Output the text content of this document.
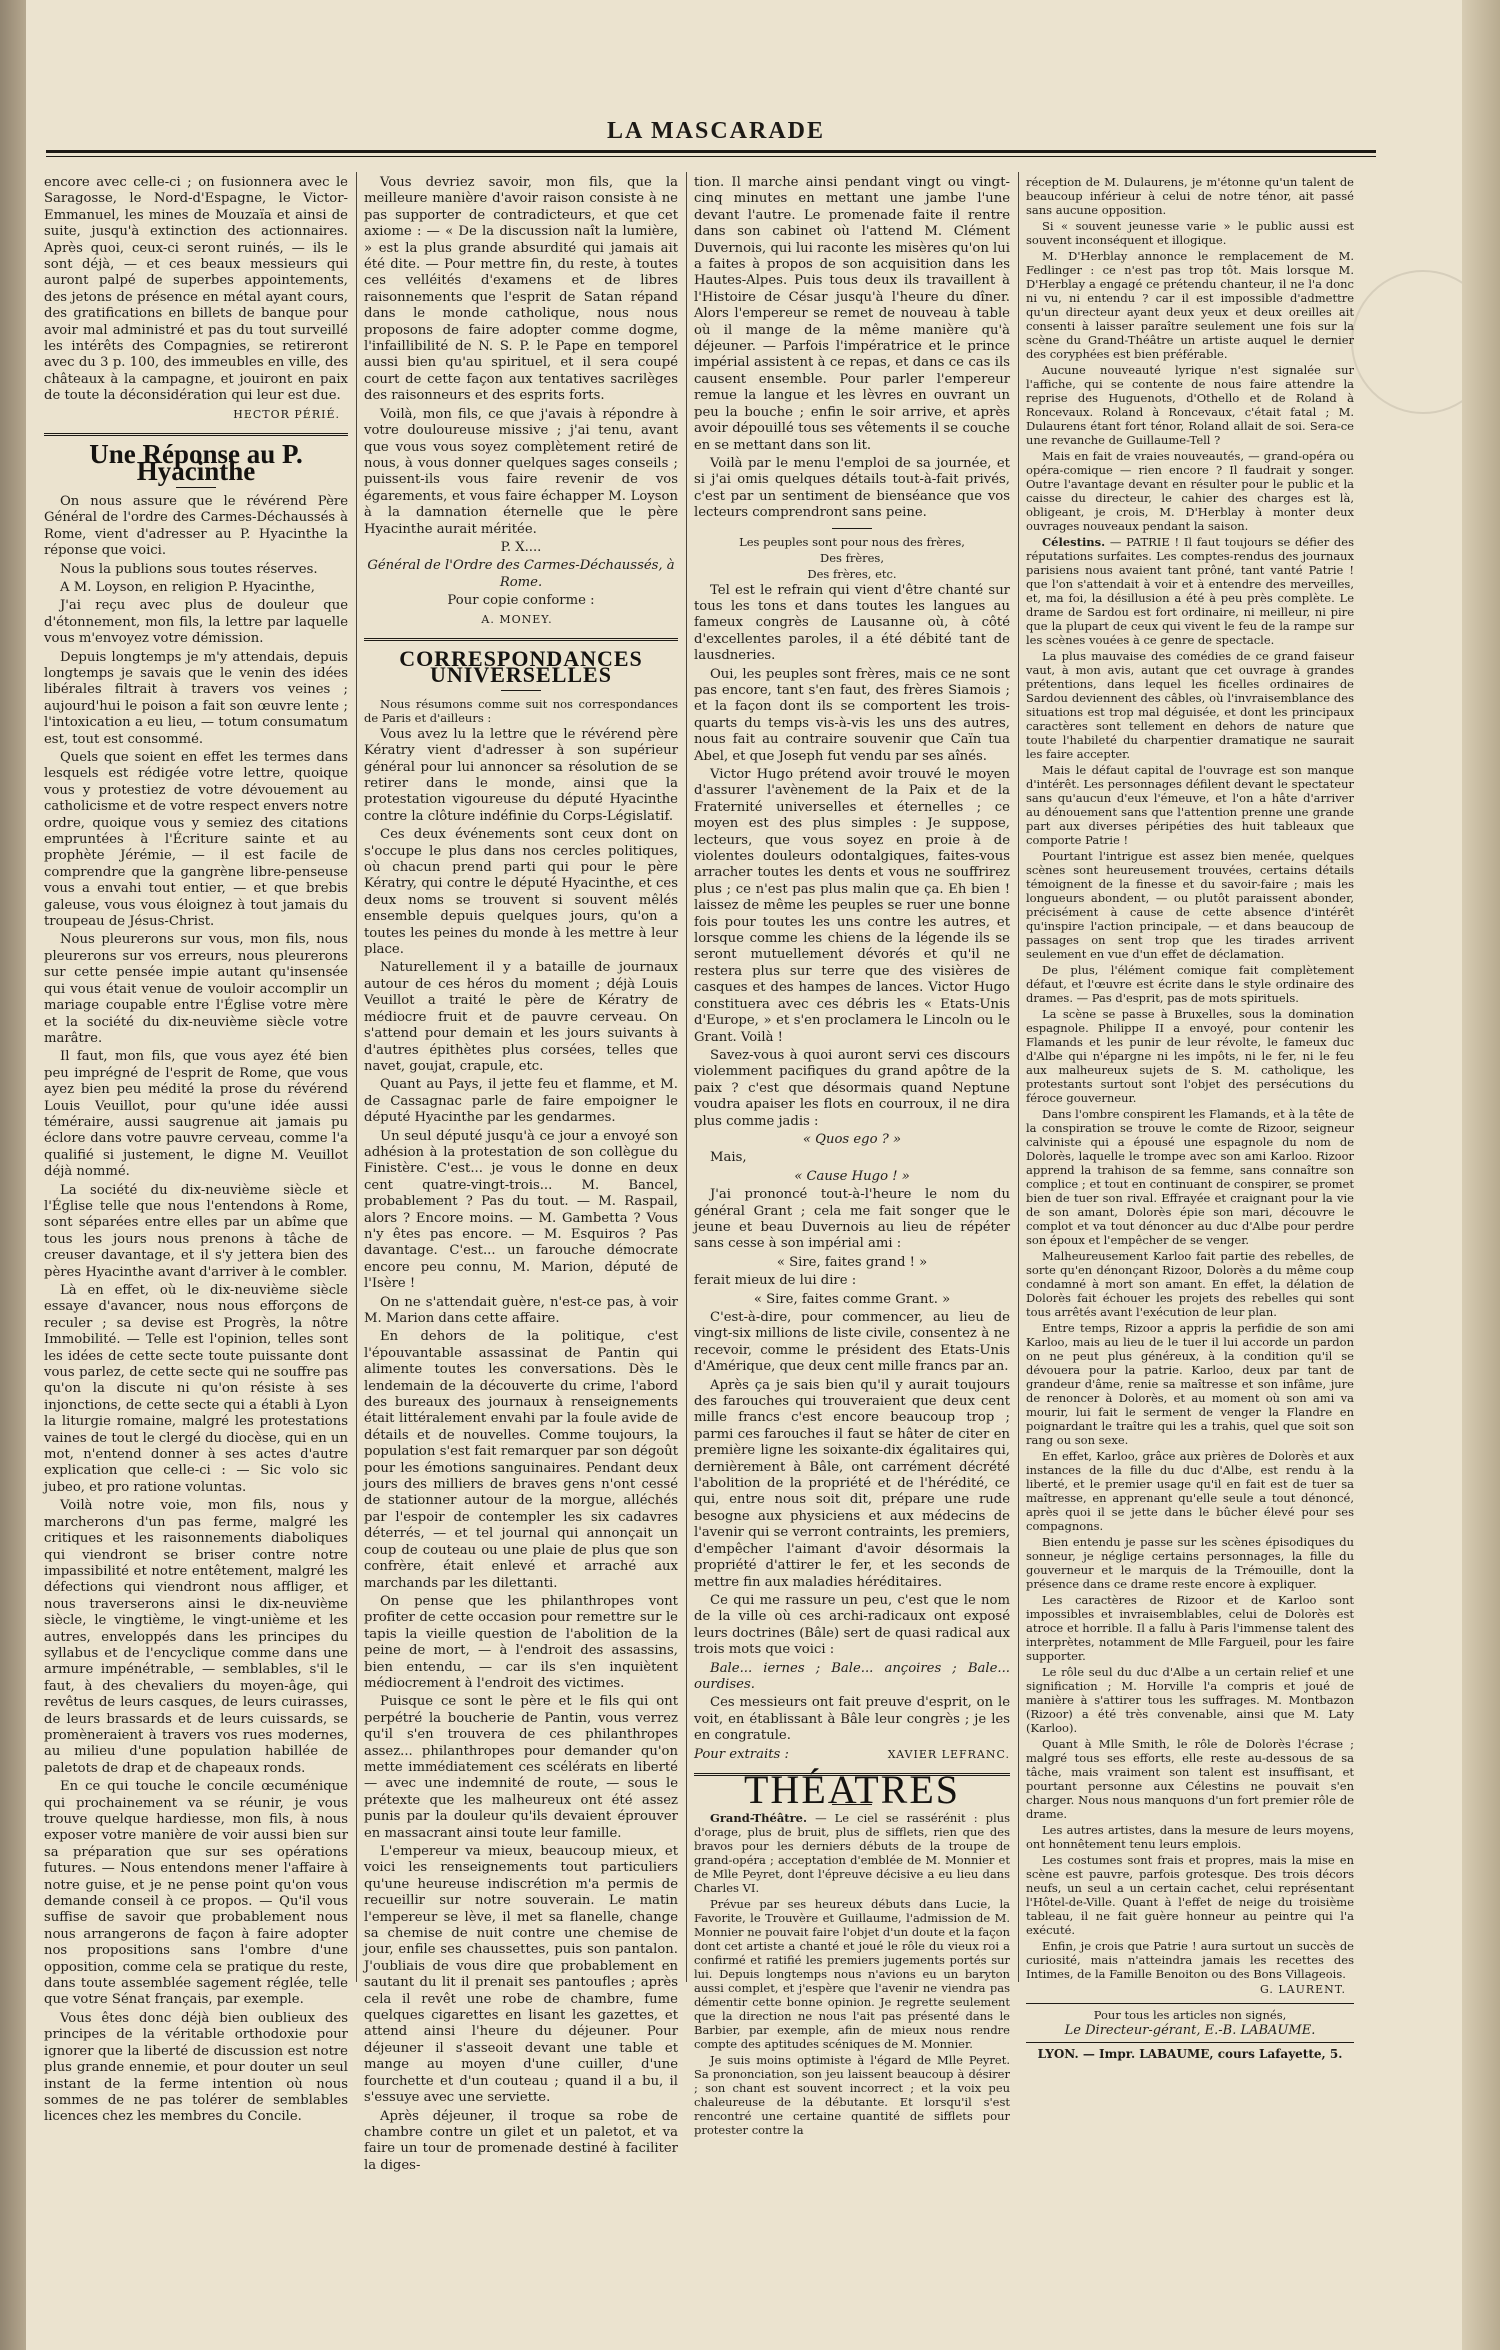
LA MASCARADE

encore avec celle-ci ; on fusionnera avec le Saragosse, le Nord-d'Espagne, le Victor-Emmanuel, les mines de Mouzaïa et ainsi de suite, jusqu'à extinction des actionnaires. Après quoi, ceux-ci seront ruinés, — ils le sont déjà, — et ces beaux messieurs qui auront palpé de superbes appointements, des jetons de présence en métal ayant cours, des gratifications en billets de banque pour avoir mal administré et pas du tout surveillé les intérêts des Compagnies, se retireront avec du 3 p. 100, des immeubles en ville, des châteaux à la campagne, et jouiront en paix de toute la déconsidération qui leur est due.

HECTOR PÉRIÉ.
Une Réponse au P. Hyacinthe

On nous assure que le révérend Père Général de l'ordre des Carmes-Déchaussés à Rome, vient d'adresser au P. Hyacinthe la réponse que voici.

Nous la publions sous toutes réserves.

A M. Loyson, en religion P. Hyacinthe,

J'ai reçu avec plus de douleur que d'étonnement, mon fils, la lettre par laquelle vous m'envoyez votre démission.

Depuis longtemps je m'y attendais, depuis longtemps je savais que le venin des idées libérales filtrait à travers vos veines ; aujourd'hui le poison a fait son œuvre lente ; l'intoxication a eu lieu, — totum consumatum est, tout est consommé.

Quels que soient en effet les termes dans lesquels est rédigée votre lettre, quoique vous y protestiez de votre dévouement au catholicisme et de votre respect envers notre ordre, quoique vous y semiez des citations empruntées à l'Écriture sainte et au prophète Jérémie, — il est facile de comprendre que la gangrène libre-penseuse vous a envahi tout entier, — et que brebis galeuse, vous vous éloignez à tout jamais du troupeau de Jésus-Christ.

Nous pleurerons sur vous, mon fils, nous pleurerons sur vos erreurs, nous pleurerons sur cette pensée impie autant qu'insensée qui vous était venue de vouloir accomplir un mariage coupable entre l'Église votre mère et la société du dix-neuvième siècle votre marâtre.

Il faut, mon fils, que vous ayez été bien peu imprégné de l'esprit de Rome, que vous ayez bien peu médité la prose du révérend Louis Veuillot, pour qu'une idée aussi téméraire, aussi saugrenue ait jamais pu éclore dans votre pauvre cerveau, comme l'a qualifié si justement, le digne M. Veuillot déjà nommé.

La société du dix-neuvième siècle et l'Église telle que nous l'entendons à Rome, sont séparées entre elles par un abîme que tous les jours nous prenons à tâche de creuser davantage, et il s'y jettera bien des pères Hyacinthe avant d'arriver à le combler.

Là en effet, où le dix-neuvième siècle essaye d'avancer, nous nous efforçons de reculer ; sa devise est Progrès, la nôtre Immobilité. — Telle est l'opinion, telles sont les idées de cette secte toute puissante dont vous parlez, de cette secte qui ne souffre pas qu'on la discute ni qu'on résiste à ses injonctions, de cette secte qui a établi à Lyon la liturgie romaine, malgré les protestations vaines de tout le clergé du diocèse, qui en un mot, n'entend donner à ses actes d'autre explication que celle-ci : — Sic volo sic jubeo, et pro ratione voluntas.

Voilà notre voie, mon fils, nous y marcherons d'un pas ferme, malgré les critiques et les raisonnements diaboliques qui viendront se briser contre notre impassibilité et notre entêtement, malgré les défections qui viendront nous affliger, et nous traverserons ainsi le dix-neuvième siècle, le vingtième, le vingt-unième et les autres, enveloppés dans les principes du syllabus et de l'encyclique comme dans une armure impénétrable, — semblables, s'il le faut, à des chevaliers du moyen-âge, qui revêtus de leurs casques, de leurs cuirasses, de leurs brassards et de leurs cuissards, se promèneraient à travers vos rues modernes, au milieu d'une population habillée de paletots de drap et de chapeaux ronds.

En ce qui touche le concile œcuménique qui prochainement va se réunir, je vous trouve quelque hardiesse, mon fils, à nous exposer votre manière de voir aussi bien sur sa préparation que sur ses opérations futures. — Nous entendons mener l'affaire à notre guise, et je ne pense point qu'on vous demande conseil à ce propos. — Qu'il vous suffise de savoir que probablement nous nous arrangerons de façon à faire adopter nos propositions sans l'ombre d'une opposition, comme cela se pratique du reste, dans toute assemblée sagement réglée, telle que votre Sénat français, par exemple.

Vous êtes donc déjà bien oublieux des principes de la véritable orthodoxie pour ignorer que la liberté de discussion est notre plus grande ennemie, et pour douter un seul instant de la ferme intention où nous sommes de ne pas tolérer de semblables licences chez les membres du Concile.

Vous devriez savoir, mon fils, que la meilleure manière d'avoir raison consiste à ne pas supporter de contradicteurs, et que cet axiome : — « De la discussion naît la lumière, » est la plus grande absurdité qui jamais ait été dite. — Pour mettre fin, du reste, à toutes ces velléités d'examens et de libres raisonnements que l'esprit de Satan répand dans le monde catholique, nous nous proposons de faire adopter comme dogme, l'infaillibilité de N. S. P. le Pape en temporel aussi bien qu'au spirituel, et il sera coupé court de cette façon aux tentatives sacrilèges des raisonneurs et des esprits forts.

Voilà, mon fils, ce que j'avais à répondre à votre douloureuse missive ; j'ai tenu, avant que vous vous soyez complètement retiré de nous, à vous donner quelques sages conseils ; puissent-ils vous faire revenir de vos égarements, et vous faire échapper M. Loyson à la damnation éternelle que le père Hyacinthe aurait méritée.

P. X....

Général de l'Ordre des Carmes-Déchaussés, à Rome.

Pour copie conforme :

A. MONEY.
CORRESPONDANCES UNIVERSELLES

Nous résumons comme suit nos correspondances de Paris et d'ailleurs :

Vous avez lu la lettre que le révérend père Kératry vient d'adresser à son supérieur général pour lui annoncer sa résolution de se retirer dans le monde, ainsi que la protestation vigoureuse du député Hyacinthe contre la clôture indéfinie du Corps-Législatif.

Ces deux événements sont ceux dont on s'occupe le plus dans nos cercles politiques, où chacun prend parti qui pour le père Kératry, qui contre le député Hyacinthe, et ces deux noms se trouvent si souvent mêlés ensemble depuis quelques jours, qu'on a toutes les peines du monde à les mettre à leur place.

Naturellement il y a bataille de journaux autour de ces héros du moment ; déjà Louis Veuillot a traité le père de Kératry de médiocre fruit et de pauvre cerveau. On s'attend pour demain et les jours suivants à d'autres épithètes plus corsées, telles que navet, goujat, crapule, etc.

Quant au Pays, il jette feu et flamme, et M. de Cassagnac parle de faire empoigner le député Hyacinthe par les gendarmes.

Un seul député jusqu'à ce jour a envoyé son adhésion à la protestation de son collègue du Finistère. C'est... je vous le donne en deux cent quatre-vingt-trois... M. Bancel, probablement ? Pas du tout. — M. Raspail, alors ? Encore moins. — M. Gambetta ? Vous n'y êtes pas encore. — M. Esquiros ? Pas davantage. C'est... un farouche démocrate encore peu connu, M. Marion, député de l'Isère !

On ne s'attendait guère, n'est-ce pas, à voir M. Marion dans cette affaire.

En dehors de la politique, c'est l'épouvantable assassinat de Pantin qui alimente toutes les conversations. Dès le lendemain de la découverte du crime, l'abord des bureaux des journaux à renseignements était littéralement envahi par la foule avide de détails et de nouvelles. Comme toujours, la population s'est fait remarquer par son dégoût pour les émotions sanguinaires. Pendant deux jours des milliers de braves gens n'ont cessé de stationner autour de la morgue, alléchés par l'espoir de contempler les six cadavres déterrés, — et tel journal qui annonçait un coup de couteau ou une plaie de plus que son confrère, était enlevé et arraché aux marchands par les dilettanti.

On pense que les philanthropes vont profiter de cette occasion pour remettre sur le tapis la vieille question de l'abolition de la peine de mort, — à l'endroit des assassins, bien entendu, — car ils s'en inquiètent médiocrement à l'endroit des victimes.

Puisque ce sont le père et le fils qui ont perpétré la boucherie de Pantin, vous verrez qu'il s'en trouvera de ces philanthropes assez... philanthropes pour demander qu'on mette immédiatement ces scélérats en liberté — avec une indemnité de route, — sous le prétexte que les malheureux ont été assez punis par la douleur qu'ils devaient éprouver en massacrant ainsi toute leur famille.

L'empereur va mieux, beaucoup mieux, et voici les renseignements tout particuliers qu'une heureuse indiscrétion m'a permis de recueillir sur notre souverain. Le matin l'empereur se lève, il met sa flanelle, change sa chemise de nuit contre une chemise de jour, enfile ses chaussettes, puis son pantalon. J'oubliais de vous dire que probablement en sautant du lit il prenait ses pantoufles ; après cela il revêt une robe de chambre, fume quelques cigarettes en lisant les gazettes, et attend ainsi l'heure du déjeuner. Pour déjeuner il s'asseoit devant une table et mange au moyen d'une cuiller, d'une fourchette et d'un couteau ; quand il a bu, il s'essuye avec une serviette.

Après déjeuner, il troque sa robe de chambre contre un gilet et un paletot, et va faire un tour de promenade destiné à faciliter la diges-

tion. Il marche ainsi pendant vingt ou vingt-cinq minutes en mettant une jambe l'une devant l'autre. Le promenade faite il rentre dans son cabinet où l'attend M. Clément Duvernois, qui lui raconte les misères qu'on lui a faites à propos de son acquisition dans les Hautes-Alpes. Puis tous deux ils travaillent à l'Histoire de César jusqu'à l'heure du dîner. Alors l'empereur se remet de nouveau à table où il mange de la même manière qu'à déjeuner. — Parfois l'impératrice et le prince impérial assistent à ce repas, et dans ce cas ils causent ensemble. Pour parler l'empereur remue la langue et les lèvres en ouvrant un peu la bouche ; enfin le soir arrive, et après avoir dépouillé tous ses vêtements il se couche en se mettant dans son lit.

Voilà par le menu l'emploi de sa journée, et si j'ai omis quelques détails tout-à-fait privés, c'est par un sentiment de bienséance que vos lecteurs comprendront sans peine.

Les peuples sont pour nous des frères,

Des frères,

Des frères, etc.

Tel est le refrain qui vient d'être chanté sur tous les tons et dans toutes les langues au fameux congrès de Lausanne où, à côté d'excellentes paroles, il a été débité tant de lausdneries.

Oui, les peuples sont frères, mais ce ne sont pas encore, tant s'en faut, des frères Siamois ; et la façon dont ils se comportent les trois-quarts du temps vis-à-vis les uns des autres, nous fait au contraire souvenir que Caïn tua Abel, et que Joseph fut vendu par ses aînés.

Victor Hugo prétend avoir trouvé le moyen d'assurer l'avènement de la Paix et de la Fraternité universelles et éternelles ; ce moyen est des plus simples : Je suppose, lecteurs, que vous soyez en proie à de violentes douleurs odontalgiques, faites-vous arracher toutes les dents et vous ne souffrirez plus ; ce n'est pas plus malin que ça. Eh bien ! laissez de même les peuples se ruer une bonne fois pour toutes les uns contre les autres, et lorsque comme les chiens de la légende ils se seront mutuellement dévorés et qu'il ne restera plus sur terre que des visières de casques et des hampes de lances. Victor Hugo constituera avec ces débris les « Etats-Unis d'Europe, » et s'en proclamera le Lincoln ou le Grant. Voilà !

Savez-vous à quoi auront servi ces discours violemment pacifiques du grand apôtre de la paix ? c'est que désormais quand Neptune voudra apaiser les flots en courroux, il ne dira plus comme jadis :

« Quos ego ? »

Mais,

« Cause Hugo ! »

J'ai prononcé tout-à-l'heure le nom du général Grant ; cela me fait songer que le jeune et beau Duvernois au lieu de répéter sans cesse à son impérial ami :

« Sire, faites grand ! »

ferait mieux de lui dire :

« Sire, faites comme Grant. »

C'est-à-dire, pour commencer, au lieu de vingt-six millions de liste civile, consentez à ne recevoir, comme le président des Etats-Unis d'Amérique, que deux cent mille francs par an.

Après ça je sais bien qu'il y aurait toujours des farouches qui trouveraient que deux cent mille francs c'est encore beaucoup trop ; parmi ces farouches il faut se hâter de citer en première ligne les soixante-dix égalitaires qui, dernièrement à Bâle, ont carrément décrété l'abolition de la propriété et de l'hérédité, ce qui, entre nous soit dit, prépare une rude besogne aux physiciens et aux médecins de l'avenir qui se verront contraints, les premiers, d'empêcher l'aimant d'avoir désormais la propriété d'attirer le fer, et les seconds de mettre fin aux maladies héréditaires.

Ce qui me rassure un peu, c'est que le nom de la ville où ces archi-radicaux ont exposé leurs doctrines (Bâle) sert de quasi radical aux trois mots que voici :

Bale... iernes ; Bale... ançoires ; Bale... ourdises.

Ces messieurs ont fait preuve d'esprit, on le voit, en établissant à Bâle leur congrès ; je les en congratule.

Pour extraits :	XAVIER LEFRANC.

THÉATRES

Grand-Théâtre. — Le ciel se rassérénit : plus d'orage, plus de bruit, plus de sifflets, rien que des bravos pour les derniers débuts de la troupe de grand-opéra ; acceptation d'emblée de M. Monnier et de Mlle Peyret, dont l'épreuve décisive a eu lieu dans Charles VI.

Prévue par ses heureux débuts dans Lucie, la Favorite, le Trouvère et Guillaume, l'admission de M. Monnier ne pouvait faire l'objet d'un doute et la façon dont cet artiste a chanté et joué le rôle du vieux roi a confirmé et ratifié les premiers jugements portés sur lui. Depuis longtemps nous n'avions eu un baryton aussi complet, et j'espère que l'avenir ne viendra pas démentir cette bonne opinion. Je regrette seulement que la direction ne nous l'ait pas présenté dans le Barbier, par exemple, afin de mieux nous rendre compte des aptitudes scéniques de M. Monnier.

Je suis moins optimiste à l'égard de Mlle Peyret. Sa prononciation, son jeu laissent beaucoup à désirer ; son chant est souvent incorrect ; et la voix peu chaleureuse de la débutante. Et lorsqu'il s'est rencontré une certaine quantité de sifflets pour protester contre la

réception de M. Dulaurens, je m'étonne qu'un talent de beaucoup inférieur à celui de notre ténor, ait passé sans aucune opposition.

Si « souvent jeunesse varie » le public aussi est souvent inconséquent et illogique.

M. D'Herblay annonce le remplacement de M. Fedlinger : ce n'est pas trop tôt. Mais lorsque M. D'Herblay a engagé ce prétendu chanteur, il ne l'a donc ni vu, ni entendu ? car il est impossible d'admettre qu'un directeur ayant deux yeux et deux oreilles ait consenti à laisser paraître seulement une fois sur la scène du Grand-Théâtre un artiste auquel le dernier des coryphées est bien préférable.

Aucune nouveauté lyrique n'est signalée sur l'affiche, qui se contente de nous faire attendre la reprise des Huguenots, d'Othello et de Roland à Roncevaux. Roland à Roncevaux, c'était fatal ; M. Dulaurens étant fort ténor, Roland allait de soi. Sera-ce une revanche de Guillaume-Tell ?

Mais en fait de vraies nouveautés, — grand-opéra ou opéra-comique — rien encore ? Il faudrait y songer. Outre l'avantage devant en résulter pour le public et la caisse du directeur, le cahier des charges est là, obligeant, je crois, M. D'Herblay à monter deux ouvrages nouveaux pendant la saison.

Célestins. — PATRIE ! Il faut toujours se défier des réputations surfaites. Les comptes-rendus des journaux parisiens nous avaient tant prôné, tant vanté Patrie ! que l'on s'attendait à voir et à entendre des merveilles, et, ma foi, la désillusion a été à peu près complète. Le drame de Sardou est fort ordinaire, ni meilleur, ni pire que la plupart de ceux qui vivent le feu de la rampe sur les scènes vouées à ce genre de spectacle.

La plus mauvaise des comédies de ce grand faiseur vaut, à mon avis, autant que cet ouvrage à grandes prétentions, dans lequel les ficelles ordinaires de Sardou deviennent des câbles, où l'invraisemblance des situations est trop mal déguisée, et dont les principaux caractères sont tellement en dehors de nature que toute l'habileté du charpentier dramatique ne saurait les faire accepter.

Mais le défaut capital de l'ouvrage est son manque d'intérêt. Les personnages défilent devant le spectateur sans qu'aucun d'eux l'émeuve, et l'on a hâte d'arriver au dénouement sans que l'attention prenne une grande part aux diverses péripéties des huit tableaux que comporte Patrie !

Pourtant l'intrigue est assez bien menée, quelques scènes sont heureusement trouvées, certains détails témoignent de la finesse et du savoir-faire ; mais les longueurs abondent, — ou plutôt paraissent abonder, précisément à cause de cette absence d'intérêt qu'inspire l'action principale, — et dans beaucoup de passages on sent trop que les tirades arrivent seulement en vue d'un effet de déclamation.

De plus, l'élément comique fait complètement défaut, et l'œuvre est écrite dans le style ordinaire des drames. — Pas d'esprit, pas de mots spirituels.

La scène se passe à Bruxelles, sous la domination espagnole. Philippe II a envoyé, pour contenir les Flamands et les punir de leur révolte, le fameux duc d'Albe qui n'épargne ni les impôts, ni le fer, ni le feu aux malheureux sujets de S. M. catholique, les protestants surtout sont l'objet des persécutions du féroce gouverneur.

Dans l'ombre conspirent les Flamands, et à la tête de la conspiration se trouve le comte de Rizoor, seigneur calviniste qui a épousé une espagnole du nom de Dolorès, laquelle le trompe avec son ami Karloo. Rizoor apprend la trahison de sa femme, sans connaître son complice ; et tout en continuant de conspirer, se promet bien de tuer son rival. Effrayée et craignant pour la vie de son amant, Dolorès épie son mari, découvre le complot et va tout dénoncer au duc d'Albe pour perdre son époux et l'empêcher de se venger.

Malheureusement Karloo fait partie des rebelles, de sorte qu'en dénonçant Rizoor, Dolorès a du même coup condamné à mort son amant. En effet, la délation de Dolorès fait échouer les projets des rebelles qui sont tous arrêtés avant l'exécution de leur plan.

Entre temps, Rizoor a appris la perfidie de son ami Karloo, mais au lieu de le tuer il lui accorde un pardon on ne peut plus généreux, à la condition qu'il se dévouera pour la patrie. Karloo, deux par tant de grandeur d'âme, renie sa maîtresse et son infâme, jure de renoncer à Dolorès, et au moment où son ami va mourir, lui fait le serment de venger la Flandre en poignardant le traître qui les a trahis, quel que soit son rang ou son sexe.

En effet, Karloo, grâce aux prières de Dolorès et aux instances de la fille du duc d'Albe, est rendu à la liberté, et le premier usage qu'il en fait est de tuer sa maîtresse, en apprenant qu'elle seule a tout dénoncé, après quoi il se jette dans le bûcher élevé pour ses compagnons.

Bien entendu je passe sur les scènes épisodiques du sonneur, je néglige certains personnages, la fille du gouverneur et le marquis de la Trémouille, dont la présence dans ce drame reste encore à expliquer.

Les caractères de Rizoor et de Karloo sont impossibles et invraisemblables, celui de Dolorès est atroce et horrible. Il a fallu à Paris l'immense talent des interprètes, notamment de Mlle Fargueil, pour les faire supporter.

Le rôle seul du duc d'Albe a un certain relief et une signification ; M. Horville l'a compris et joué de manière à s'attirer tous les suffrages. M. Montbazon (Rizoor) a été très convenable, ainsi que M. Laty (Karloo).

Quant à Mlle Smith, le rôle de Dolorès l'écrase ; malgré tous ses efforts, elle reste au-dessous de sa tâche, mais vraiment son talent est insuffisant, et pourtant personne aux Célestins ne pouvait s'en charger. Nous nous manquons d'un fort premier rôle de drame.

Les autres artistes, dans la mesure de leurs moyens, ont honnêtement tenu leurs emplois.

Les costumes sont frais et propres, mais la mise en scène est pauvre, parfois grotesque. Des trois décors neufs, un seul a un certain cachet, celui représentant l'Hôtel-de-Ville. Quant à l'effet de neige du troisième tableau, il ne fait guère honneur au peintre qui l'a exécuté.

Enfin, je crois que Patrie ! aura surtout un succès de curiosité, mais n'atteindra jamais les recettes des Intimes, de la Famille Benoiton ou des Bons Villageois.

G. LAURENT.

Pour tous les articles non signés,

Le Directeur-gérant, E.-B. LABAUME.

LYON. — Impr. LABAUME, cours Lafayette, 5.
